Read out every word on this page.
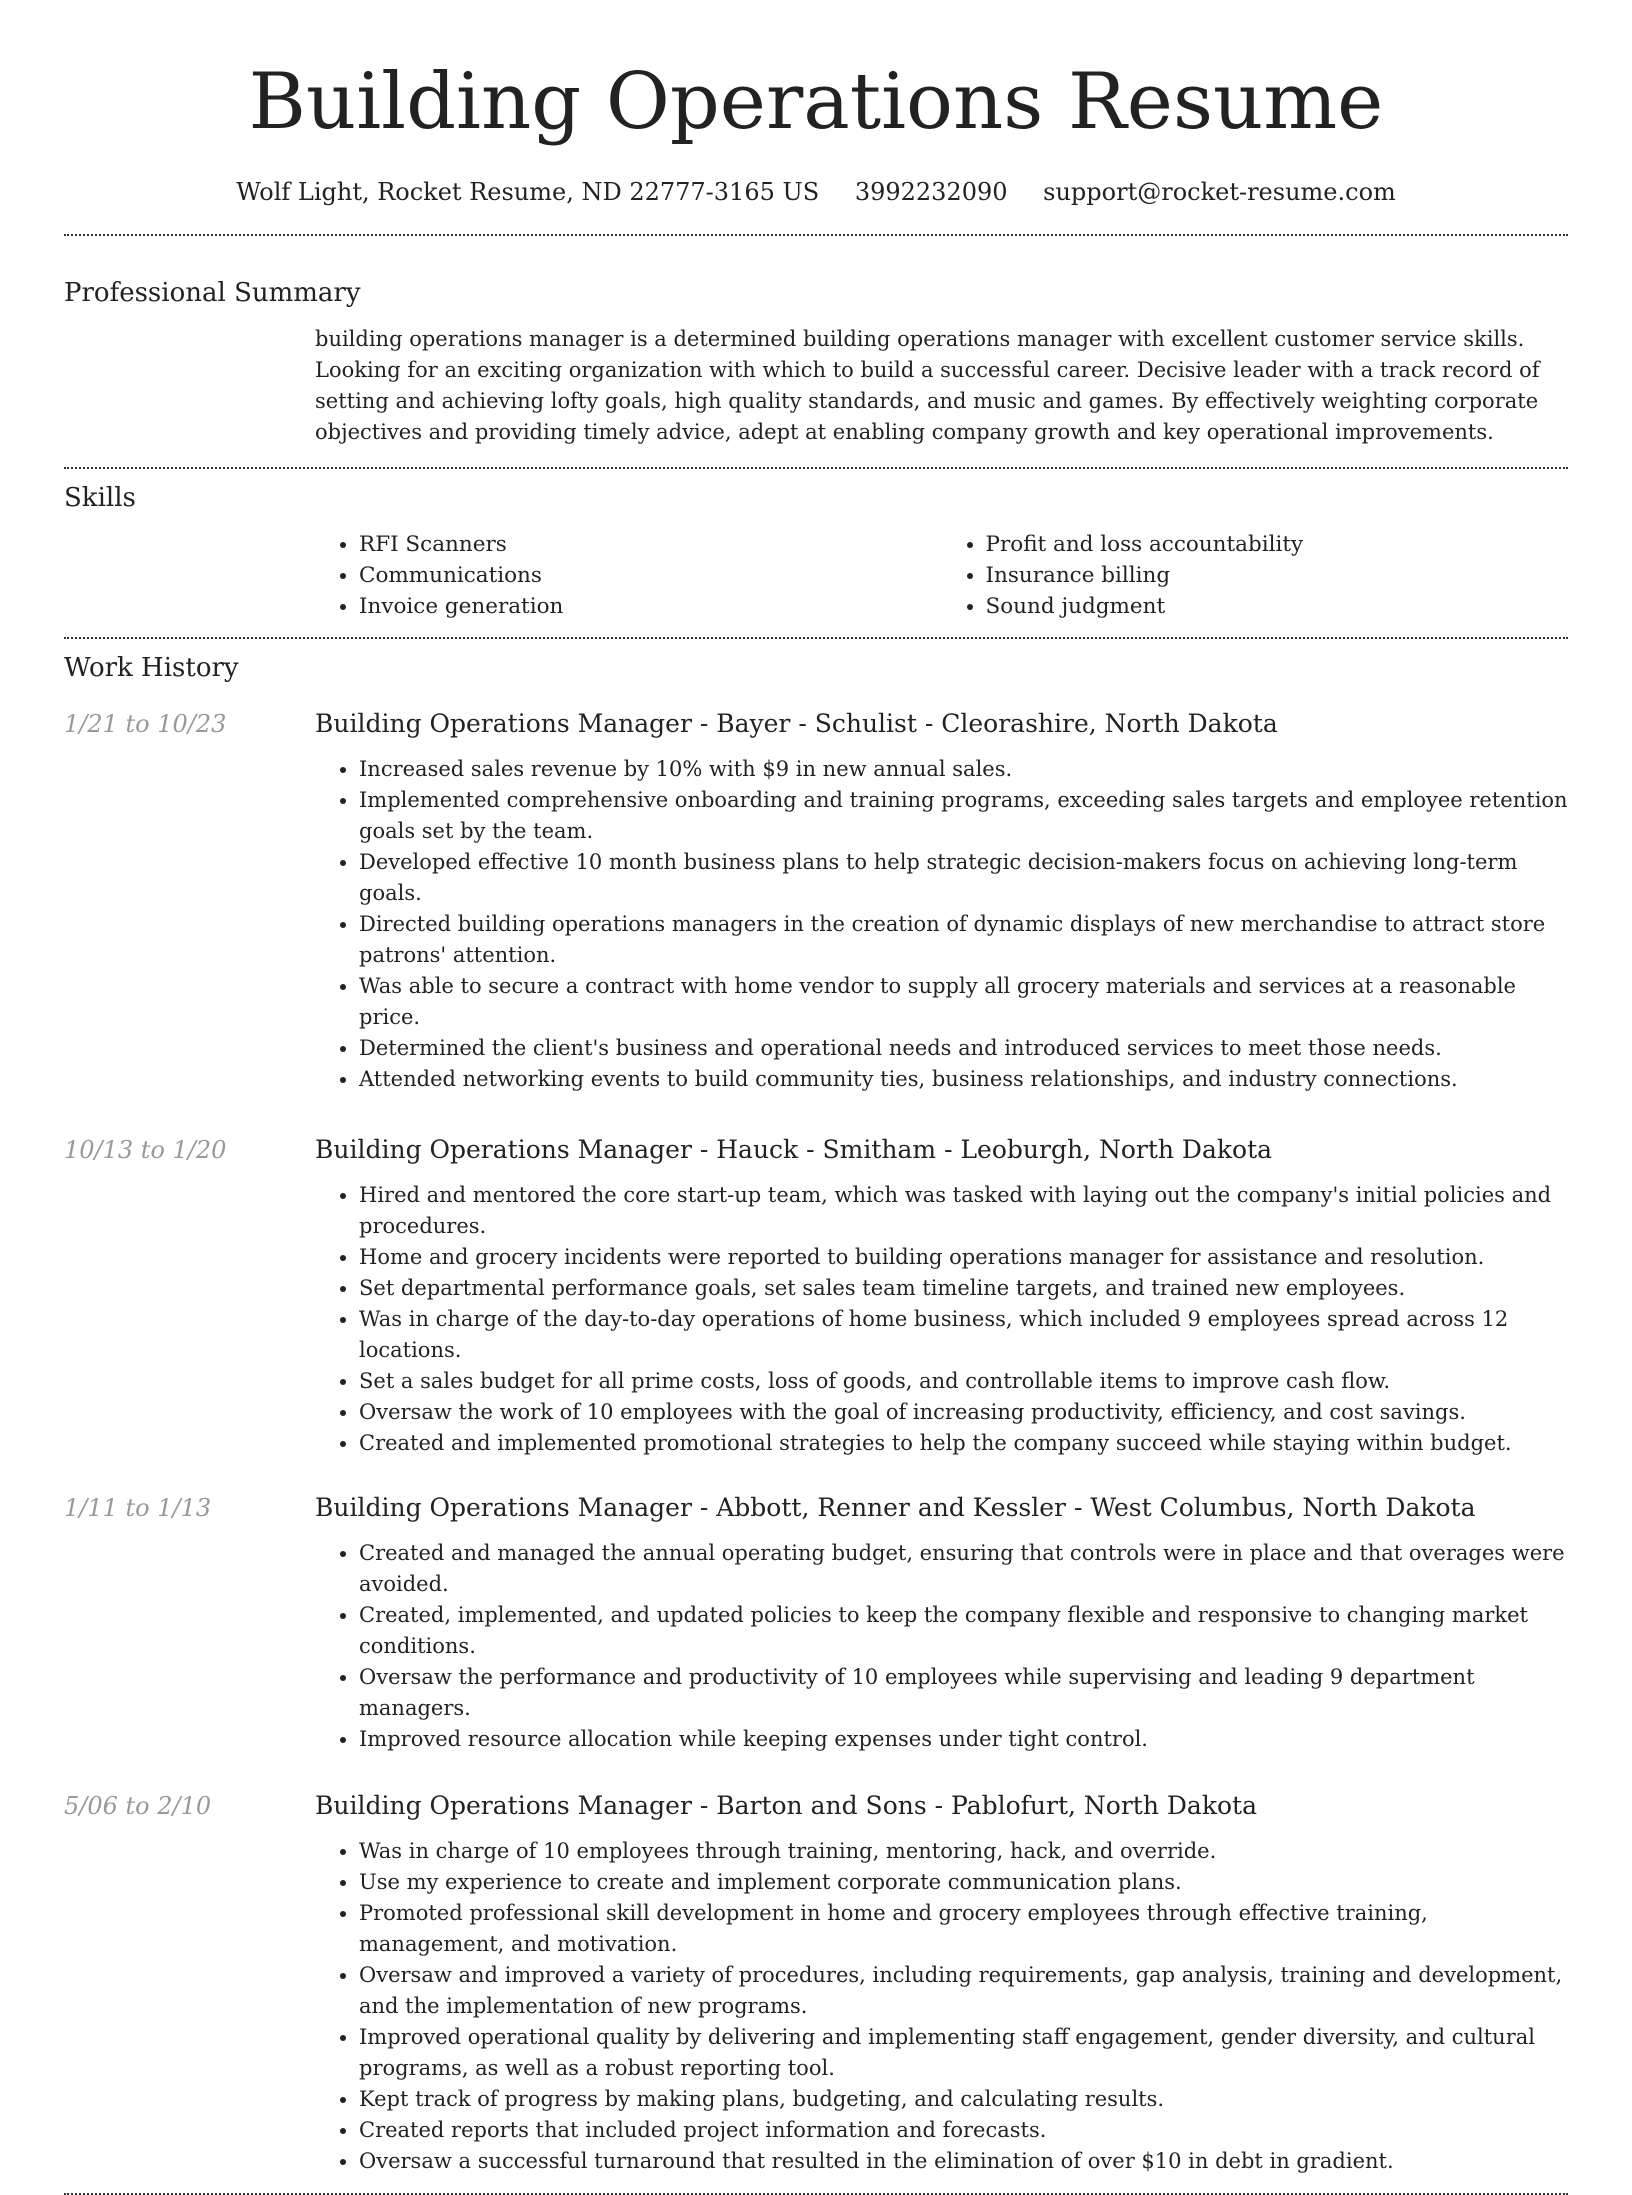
Building Operations Resume
Wolf Light, Rocket Resume, ND 22777-3165 US 3992232090 support@rocket-resume.com
Professional Summary
building operations manager is a determined building operations manager with excellent customer service skills. Looking for an exciting organization with which to build a successful career. Decisive leader with a track record of setting and achieving lofty goals, high quality standards, and music and games. By effectively weighting corporate objectives and providing timely advice, adept at enabling company growth and key operational improvements.
Skills
• RFI Scanners
• Communications
• Invoice generation
• Profit and loss accountability
• Insurance billing
• Sound judgment
Work History
1/21 to 10/23	Building Operations Manager - Bayer - Schulist - Cleorashire, North Dakota
• Increased sales revenue by 10% with $9 in new annual sales.
• Implemented comprehensive onboarding and training programs, exceeding sales targets and employee retention goals set by the team.
• Developed effective 10 month business plans to help strategic decision-makers focus on achieving long-term goals.
• Directed building operations managers in the creation of dynamic displays of new merchandise to attract store patrons' attention.
• Was able to secure a contract with home vendor to supply all grocery materials and services at a reasonable price.
• Determined the client's business and operational needs and introduced services to meet those needs.
• Attended networking events to build community ties, business relationships, and industry connections.
10/13 to 1/20	Building Operations Manager - Hauck - Smitham - Leoburgh, North Dakota
• Hired and mentored the core start-up team, which was tasked with laying out the company's initial policies and procedures.
• Home and grocery incidents were reported to building operations manager for assistance and resolution.
• Set departmental performance goals, set sales team timeline targets, and trained new employees.
• Was in charge of the day-to-day operations of home business, which included 9 employees spread across 12 locations.
• Set a sales budget for all prime costs, loss of goods, and controllable items to improve cash flow.
• Oversaw the work of 10 employees with the goal of increasing productivity, efficiency, and cost savings.
• Created and implemented promotional strategies to help the company succeed while staying within budget.
1/11 to 1/13	Building Operations Manager - Abbott, Renner and Kessler - West Columbus, North Dakota
• Created and managed the annual operating budget, ensuring that controls were in place and that overages were avoided.
• Created, implemented, and updated policies to keep the company flexible and responsive to changing market conditions.
• Oversaw the performance and productivity of 10 employees while supervising and leading 9 department managers.
• Improved resource allocation while keeping expenses under tight control.
5/06 to 2/10	Building Operations Manager - Barton and Sons - Pablofurt, North Dakota
• Was in charge of 10 employees through training, mentoring, hack, and override.
• Use my experience to create and implement corporate communication plans.
• Promoted professional skill development in home and grocery employees through effective training, management, and motivation.
• Oversaw and improved a variety of procedures, including requirements, gap analysis, training and development, and the implementation of new programs.
• Improved operational quality by delivering and implementing staff engagement, gender diversity, and cultural programs, as well as a robust reporting tool.
• Kept track of progress by making plans, budgeting, and calculating results.
• Created reports that included project information and forecasts.
• Oversaw a successful turnaround that resulted in the elimination of over $10 in debt in gradient.
